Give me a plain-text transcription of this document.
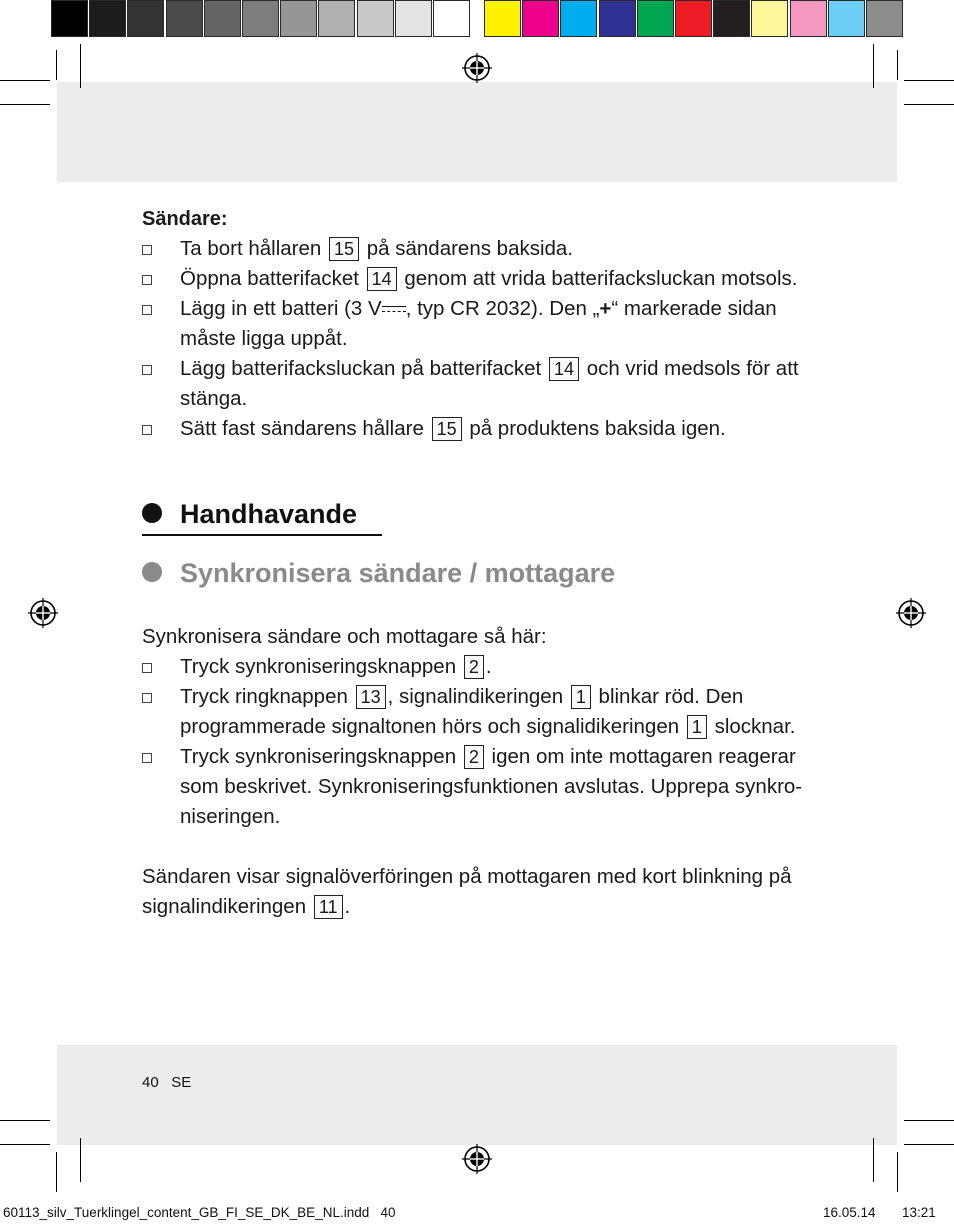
Sändare:
Ta bort hållaren 15 på sändarens baksida.
Öppna batterifacket 14 genom att vrida batterifacksluckan motsols.
Lägg in ett batteri (3 V , typ CR 2032). Den „+“ markerade sidan måste ligga uppåt.
Lägg batterifacksluckan på batterifacket 14 och vrid medsols för att stänga.
Sätt fast sändarens hållare 15 på produktens baksida igen.
Handhavande
Synkronisera sändare / mottagare
Synkronisera sändare och mottagare så här:
Tryck synkroniseringsknappen 2 .
Tryck ringknappen 13 , signalindikeringen 1 blinkar röd. Den programmerade signaltonen hörs och signalidikeringen 1 slocknar.
Tryck synkroniseringsknappen 2 igen om inte mottagaren reagerar som beskrivet. Synkroniseringsfunktionen avslutas. Upprepa synkro-niseringen.
Sändaren visar signalöverföringen på mottagaren med kort blinkning på signalindikeringen 11 .
40 SE
60113_silv_Tuerklingel_content_GB_FI_SE_DK_BE_NL.indd   40	16.05.14 13:21
